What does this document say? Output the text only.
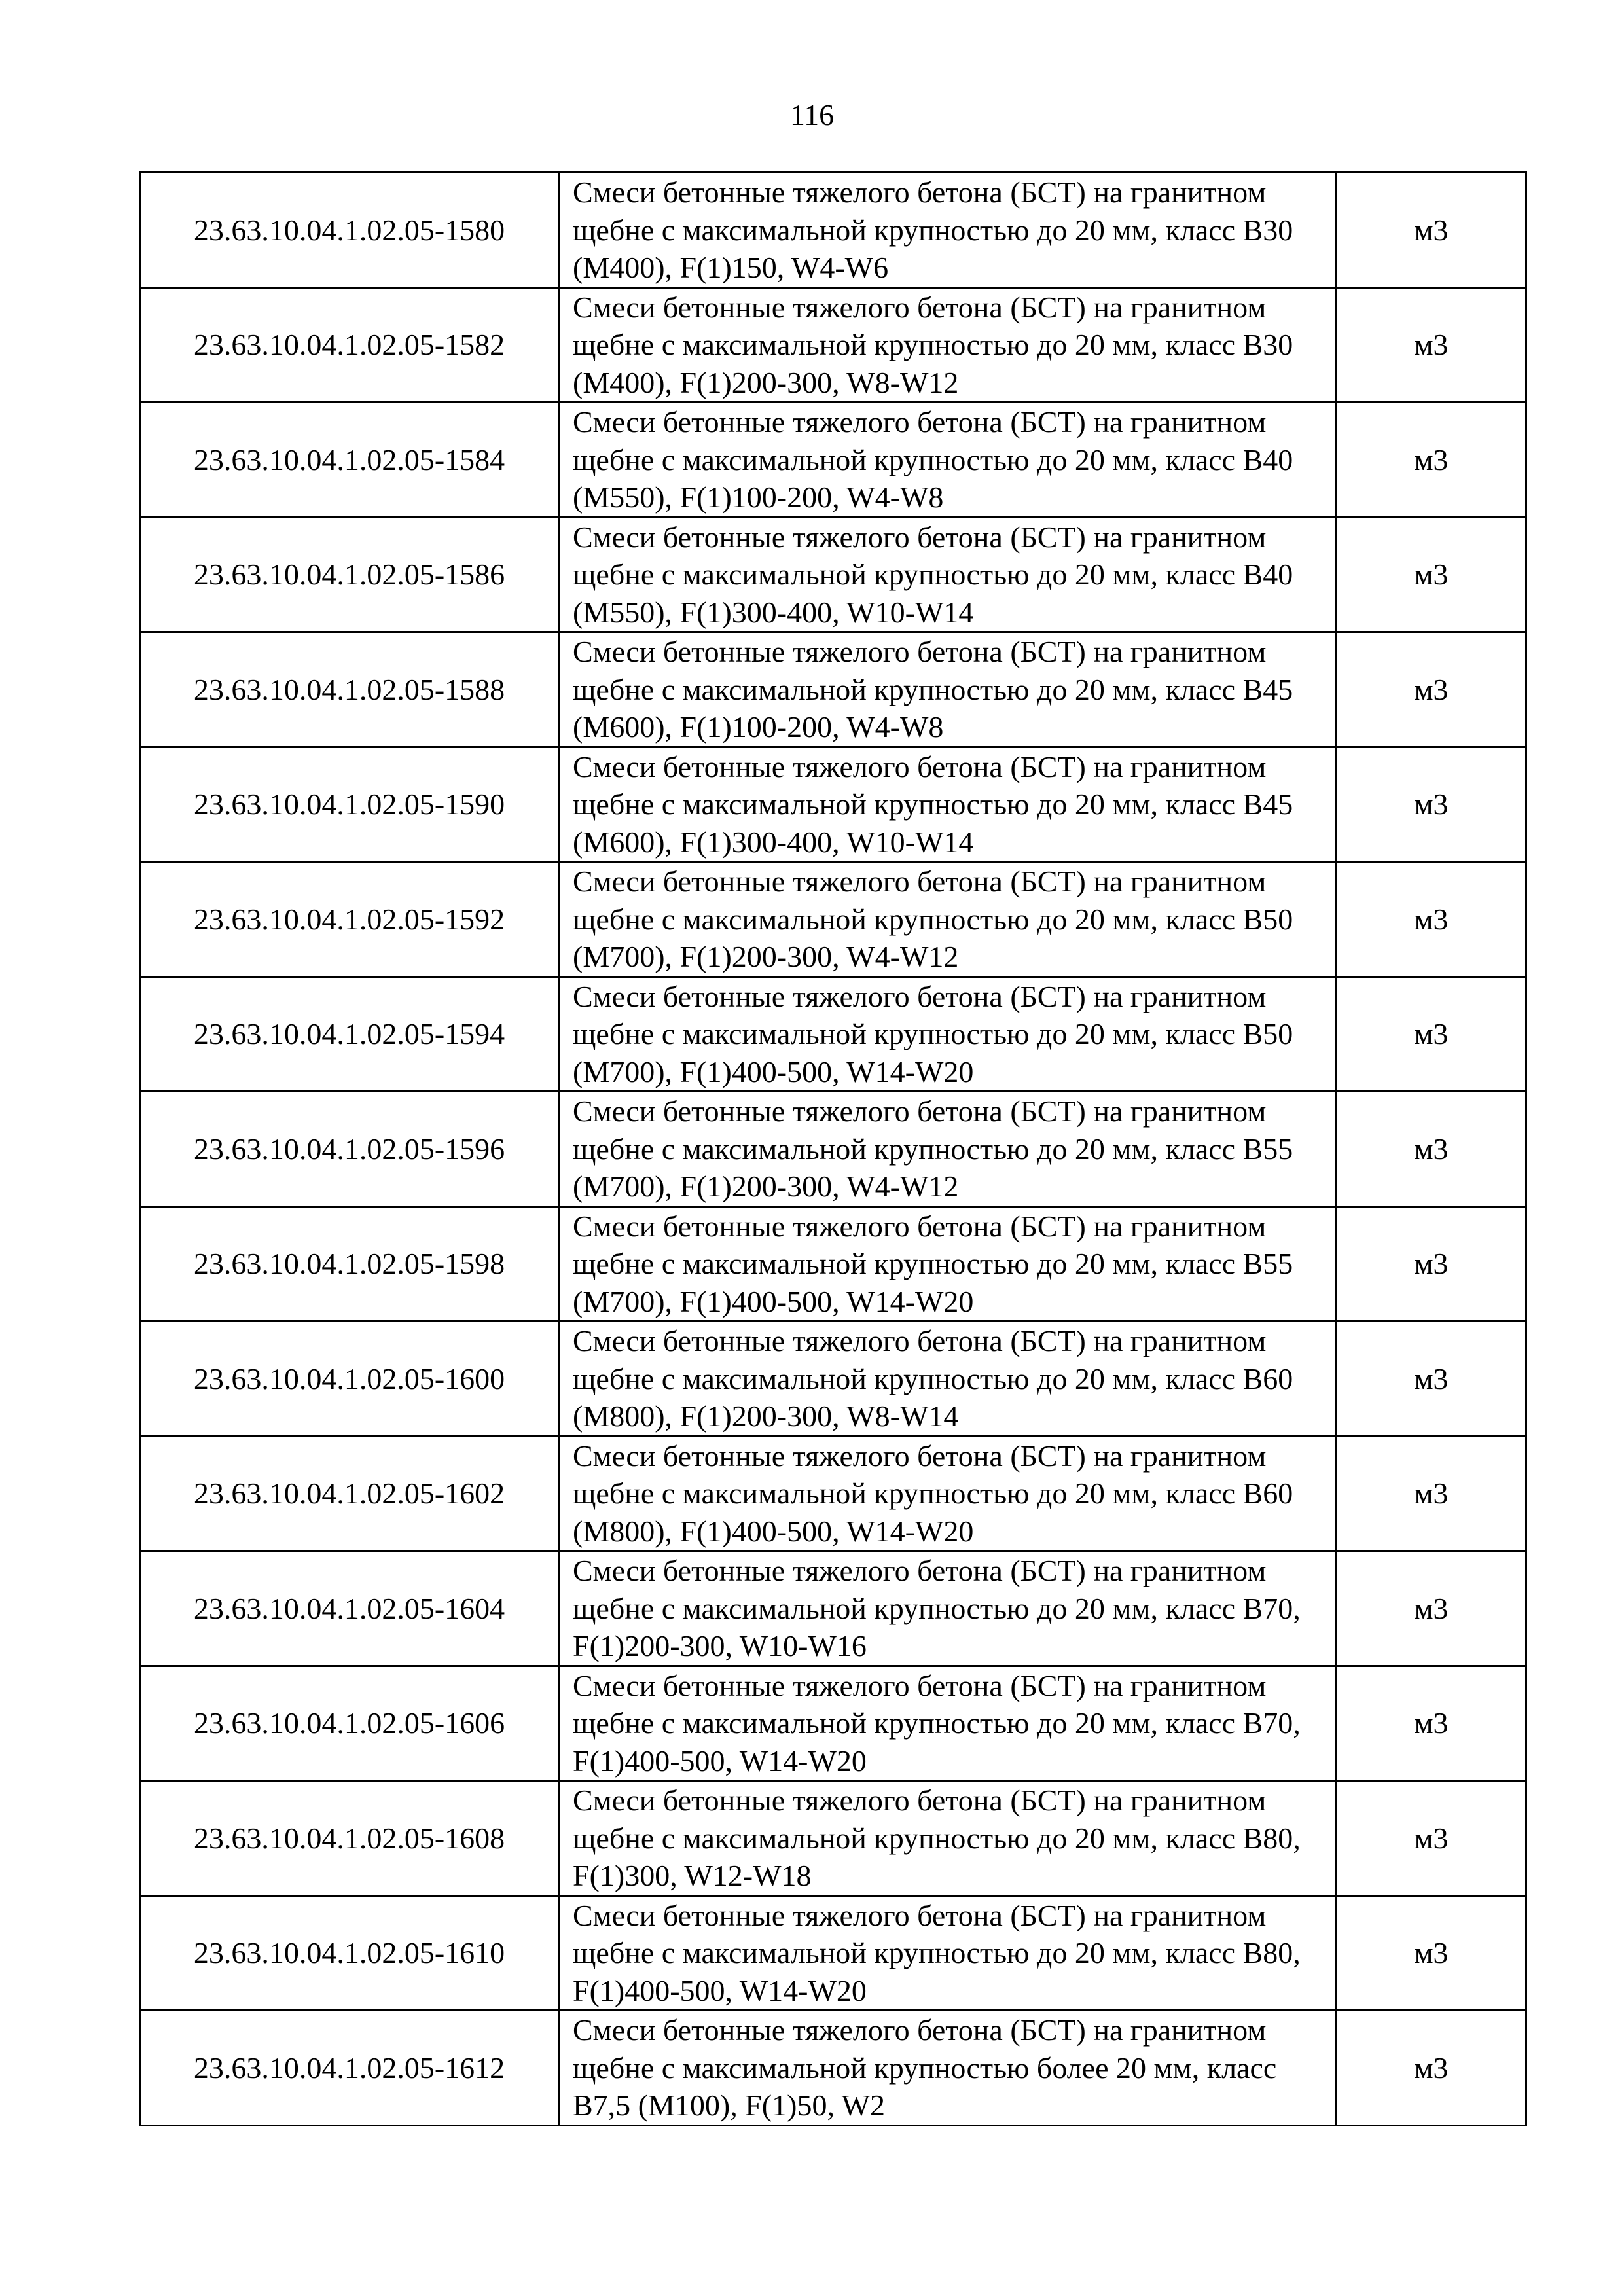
116
23.63.10.04.1.02.05-1580	Смеси бетонные тяжелого бетона (БСТ) на гранитном щебне с максимальной крупностью до 20 мм, класс В30 (М400), F(1)150, W4-W6	м3
23.63.10.04.1.02.05-1582	Смеси бетонные тяжелого бетона (БСТ) на гранитном щебне с максимальной крупностью до 20 мм, класс В30 (М400), F(1)200-300, W8-W12	м3
23.63.10.04.1.02.05-1584	Смеси бетонные тяжелого бетона (БСТ) на гранитном щебне с максимальной крупностью до 20 мм, класс В40 (М550), F(1)100-200, W4-W8	м3
23.63.10.04.1.02.05-1586	Смеси бетонные тяжелого бетона (БСТ) на гранитном щебне с максимальной крупностью до 20 мм, класс В40 (М550), F(1)300-400, W10-W14	м3
23.63.10.04.1.02.05-1588	Смеси бетонные тяжелого бетона (БСТ) на гранитном щебне с максимальной крупностью до 20 мм, класс В45 (М600), F(1)100-200, W4-W8	м3
23.63.10.04.1.02.05-1590	Смеси бетонные тяжелого бетона (БСТ) на гранитном щебне с максимальной крупностью до 20 мм, класс В45 (М600), F(1)300-400, W10-W14	м3
23.63.10.04.1.02.05-1592	Смеси бетонные тяжелого бетона (БСТ) на гранитном щебне с максимальной крупностью до 20 мм, класс В50 (М700), F(1)200-300, W4-W12	м3
23.63.10.04.1.02.05-1594	Смеси бетонные тяжелого бетона (БСТ) на гранитном щебне с максимальной крупностью до 20 мм, класс В50 (М700), F(1)400-500, W14-W20	м3
23.63.10.04.1.02.05-1596	Смеси бетонные тяжелого бетона (БСТ) на гранитном щебне с максимальной крупностью до 20 мм, класс В55 (М700), F(1)200-300, W4-W12	м3
23.63.10.04.1.02.05-1598	Смеси бетонные тяжелого бетона (БСТ) на гранитном щебне с максимальной крупностью до 20 мм, класс В55 (М700), F(1)400-500, W14-W20	м3
23.63.10.04.1.02.05-1600	Смеси бетонные тяжелого бетона (БСТ) на гранитном щебне с максимальной крупностью до 20 мм, класс В60 (М800), F(1)200-300, W8-W14	м3
23.63.10.04.1.02.05-1602	Смеси бетонные тяжелого бетона (БСТ) на гранитном щебне с максимальной крупностью до 20 мм, класс В60 (М800), F(1)400-500, W14-W20	м3
23.63.10.04.1.02.05-1604	Смеси бетонные тяжелого бетона (БСТ) на гранитном щебне с максимальной крупностью до 20 мм, класс В70, F(1)200-300, W10-W16	м3
23.63.10.04.1.02.05-1606	Смеси бетонные тяжелого бетона (БСТ) на гранитном щебне с максимальной крупностью до 20 мм, класс В70, F(1)400-500, W14-W20	м3
23.63.10.04.1.02.05-1608	Смеси бетонные тяжелого бетона (БСТ) на гранитном щебне с максимальной крупностью до 20 мм, класс В80, F(1)300, W12-W18	м3
23.63.10.04.1.02.05-1610	Смеси бетонные тяжелого бетона (БСТ) на гранитном щебне с максимальной крупностью до 20 мм, класс В80, F(1)400-500, W14-W20	м3
23.63.10.04.1.02.05-1612	Смеси бетонные тяжелого бетона (БСТ) на гранитном щебне с максимальной крупностью более 20 мм, класс В7,5 (М100), F(1)50, W2	м3
